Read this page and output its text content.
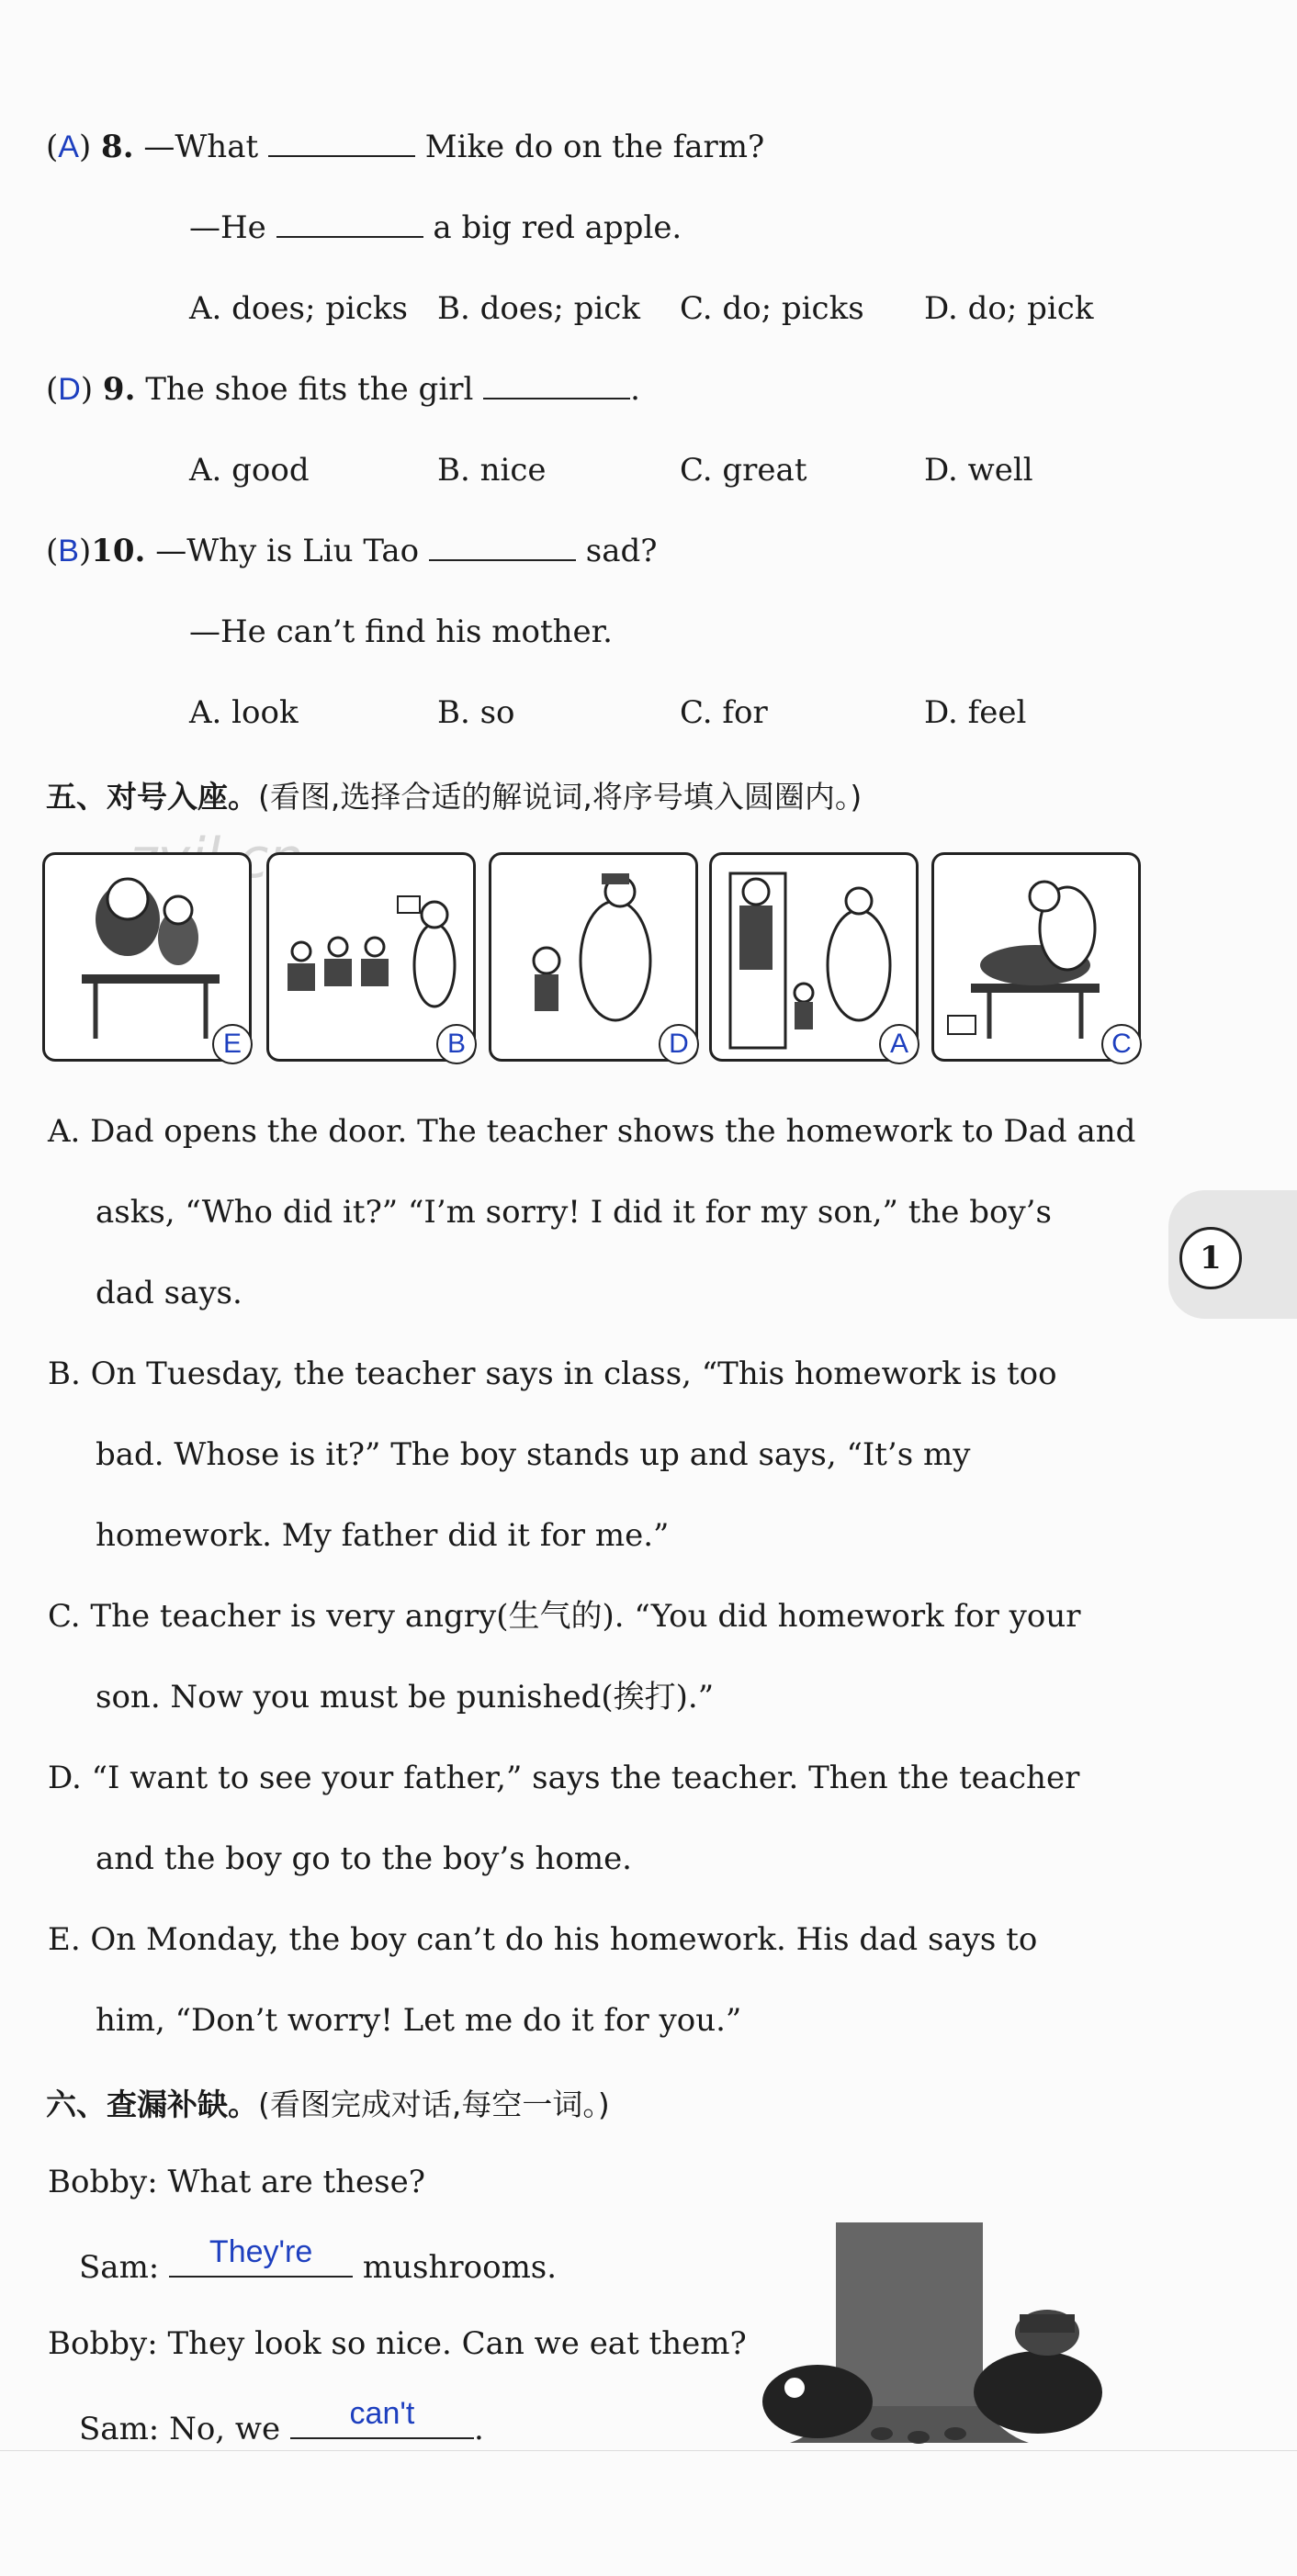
(A) 8. —What	Mike do on the farm?
—He	a big red apple.
A. does; picks B. does; pick C. do; picks D. do; pick
(D) 9. The shoe fits the girl	.
A. good	B. nice	C. great	D. well
(B)10. —Why is Liu Tao	sad?
—He can’t find his mother.
A. look	B. so	C. for	D. feel
五、对号入座。(看图,选择合适的解说词,将序号填入圆圈内。)
E	B	D	A	C
A. Dad opens the door. The teacher shows the homework to Dad and
asks, “Who did it?” “I’m sorry! I did it for my son,” the boy’s
dad says.
B. On Tuesday, the teacher says in class, “This homework is too
bad. Whose is it?” The boy stands up and says, “It’s my
homework. My father did it for me.”
C. The teacher is very angry(生气的). “You did homework for your
son. Now you must be punished(挨打).”
D. “I want to see your father,” says the teacher. Then the teacher
and the boy go to the boy’s home.
E. On Monday, the boy can’t do his homework. His dad says to
him, “Don’t worry! Let me do it for you.”
1
六、查漏补缺。(看图完成对话,每空一词。)
Bobby: What are these?
Sam:	They're	mushrooms.
Bobby: They look so nice. Can we eat them?
Sam: No, we	can't	.
